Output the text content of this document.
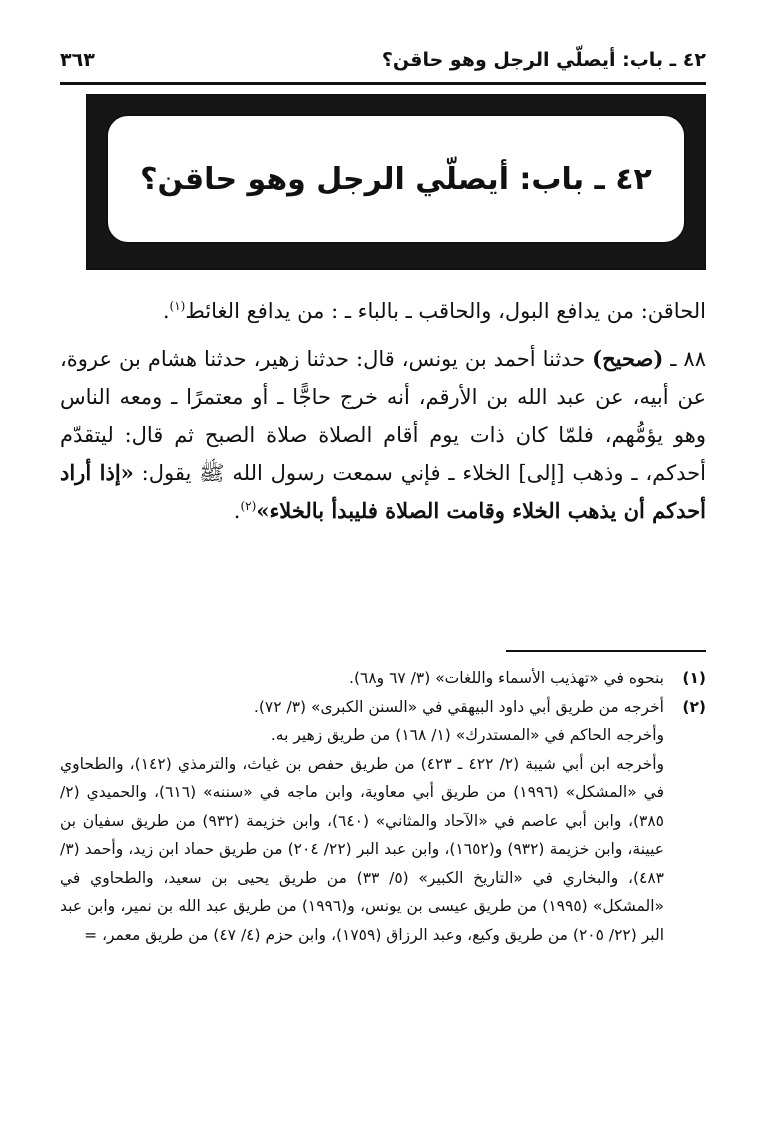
٤٢ ـ باب: أيصلّي الرجل وهو حاقن؟
٣٦٣
٤٢ ـ باب: أيصلّي الرجل وهو حاقن؟

الحاقن: من يدافع البول، والحاقب ـ بالباء ـ : من يدافع الغائط$^{(١)}$.

٨٨ ـ (صحيح) حدثنا أحمد بن يونس، قال: حدثنا زهير، حدثنا هشام بن عروة، عن أبيه، عن عبد الله بن الأرقم، أنه خرج حاجًّا ـ أو معتمرًا ـ ومعه الناس وهو يؤمُّهم، فلمّا كان ذات يوم أقام الصلاة صلاة الصبح ثم قال: ليتقدّم أحدكم، ـ وذهب [إلى] الخلاء ـ فإني سمعت رسول الله ﷺ يقول: «إذا أراد أحدكم أن يذهب الخلاء وقامت الصلاة فليبدأ بالخلاء»$^{(٢)}$.

(١)
بنحوه في «تهذيب الأسماء واللغات» (٣/ ٦٧ و٦٨).
(٢)
أخرجه من طريق أبي داود البيهقي في «السنن الكبرى» (٣/ ٧٢).

وأخرجه الحاكم في «المستدرك» (١/ ١٦٨) من طريق زهير به.

وأخرجه ابن أبي شيبة (٢/ ٤٢٢ ـ ٤٢٣) من طريق حفص بن غياث، والترمذي (١٤٢)، والطحاوي في «المشكل» (١٩٩٦) من طريق أبي معاوية، وابن ماجه في «سننه» (٦١٦)، والحميدي (٢/ ٣٨٥)، وابن أبي عاصم في «الآحاد والمثاني» (٦٤٠)، وابن خزيمة (٩٣٢) من طريق سفيان بن عيينة، وابن خزيمة (٩٣٢) و(١٦٥٢)، وابن عبد البر (٢٢/ ٢٠٤) من طريق حماد ابن زيد، وأحمد (٣/ ٤٨٣)، والبخاري في «التاريخ الكبير» (٥/ ٣٣) من طريق يحيى بن سعيد، والطحاوي في «المشكل» (١٩٩٥) من طريق عيسى بن يونس، و(١٩٩٦) من طريق عبد الله بن نمير، وابن عبد البر (٢٢/ ٢٠٥) من طريق وكيع، وعبد الرزاق (١٧٥٩)، وابن حزم (٤/ ٤٧) من طريق معمر، =
